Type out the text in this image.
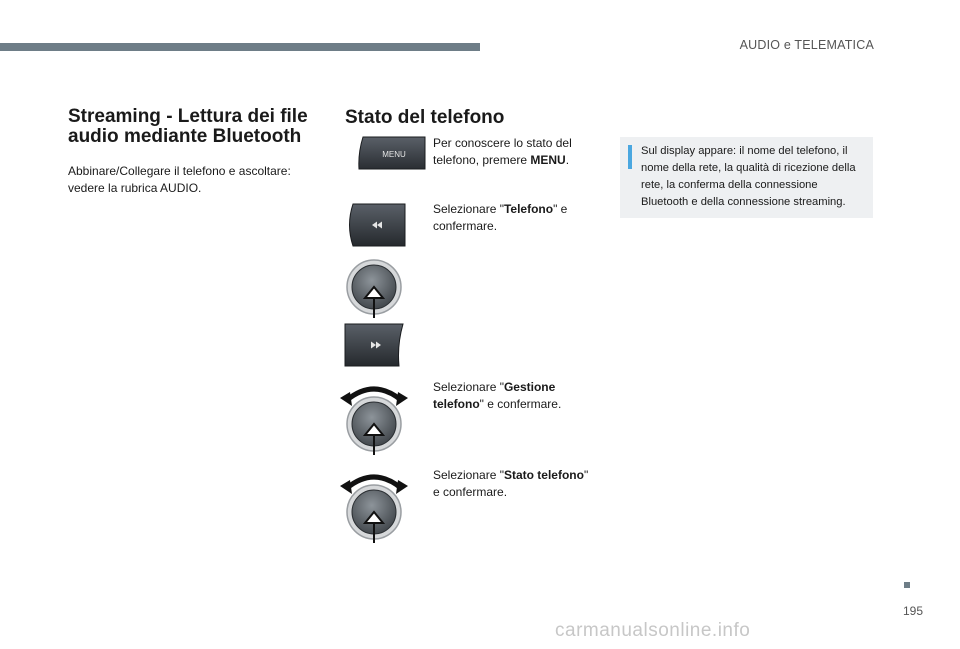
AUDIO e TELEMATICA
Streaming - Lettura dei file audio mediante Bluetooth
Abbinare/Collegare il telefono e ascoltare: vedere la rubrica AUDIO.
Stato del telefono
MENU
Per conoscere lo stato del telefono, premere MENU.
Selezionare "Telefono" e confermare.
Selezionare "Gestione telefono" e confermare.
Selezionare "Stato telefono" e confermare.
Sul display appare: il nome del telefono, il nome della rete, la qualità di ricezione della rete, la conferma della connessione Bluetooth e della connessione streaming.
195
carmanualsonline.info
